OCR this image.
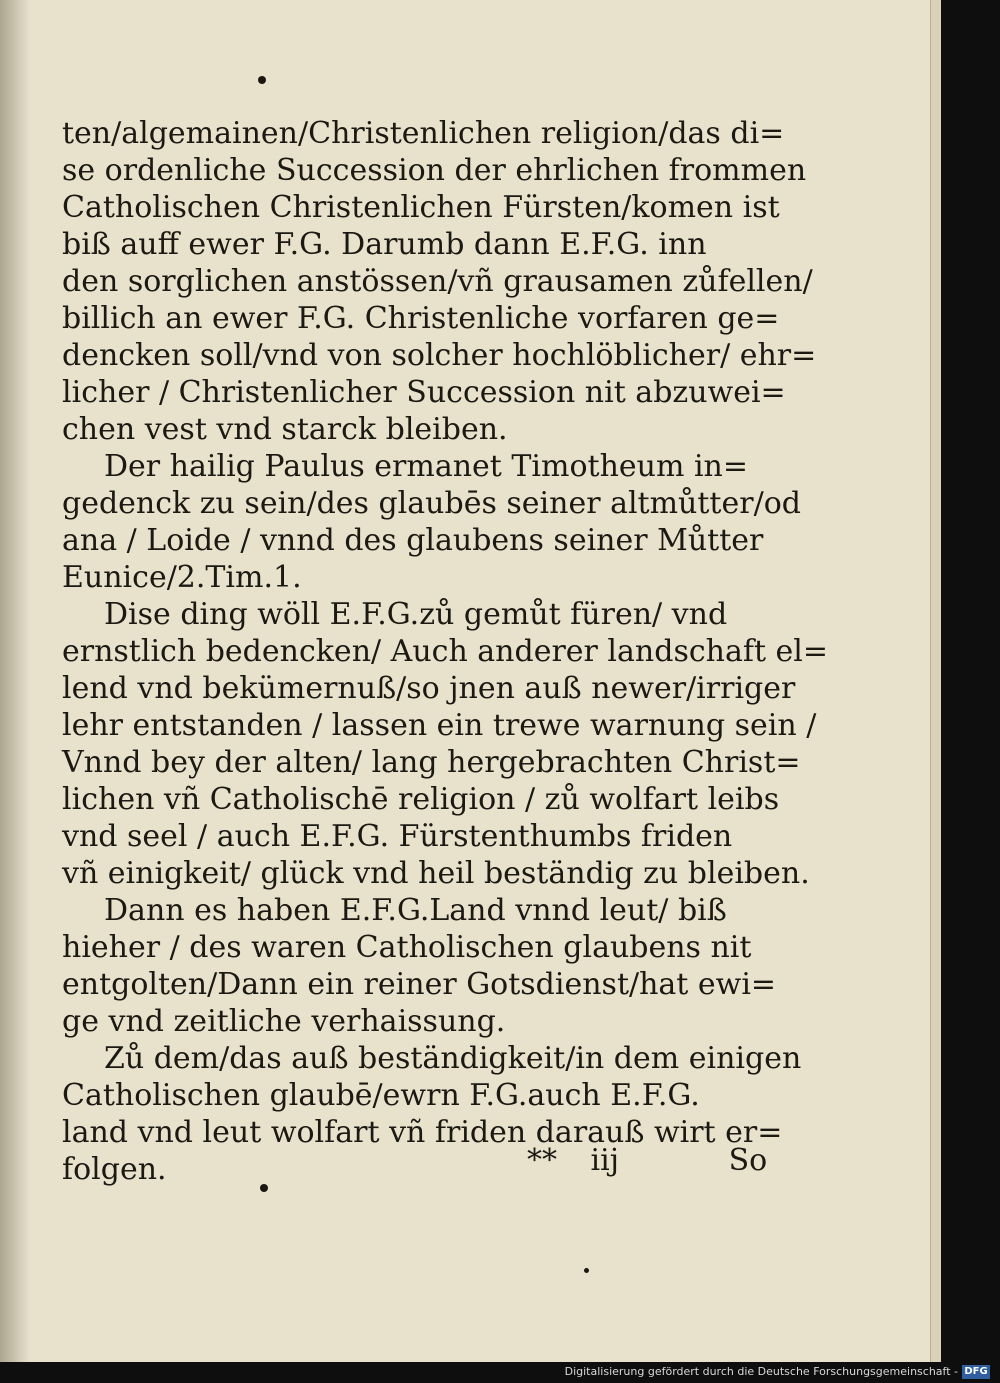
ten/algemainen/Christenlichen religion/das di=
se ordenliche Succession der ehrlichen frommen
Catholischen Christenlichen Fürsten/komen ist
biß auff ewer F.G. Darumb dann E.F.G. inn
den sorglichen anstössen/vñ grausamen zůfellen/
billich an ewer F.G. Christenliche vorfaren ge=
dencken soll/vnd von solcher hochlöblicher/ ehr=
licher / Christenlicher Succession nit abzuwei=
chen vest vnd starck bleiben.
Der hailig Paulus ermanet Timotheum in=
gedenck zu sein/des glaubēs seiner altmůtter/od
ana / Loide / vnnd des glaubens seiner Můtter
Eunice/2.Tim.1.
Dise ding wöll E.F.G.zů gemůt füren/ vnd
ernstlich bedencken/ Auch anderer landschaft el=
lend vnd bekümernuß/so jnen auß newer/irriger
lehr entstanden / lassen ein trewe warnung sein /
Vnnd bey der alten/ lang hergebrachten Christ=
lichen vñ Catholischē religion / zů wolfart leibs
vnd seel / auch E.F.G. Fürstenthumbs friden
vñ einigkeit/ glück vnd heil beständig zu bleiben.
Dann es haben E.F.G.Land vnnd leut/ biß
hieher / des waren Catholischen glaubens nit
entgolten/Dann ein reiner Gotsdienst/hat ewi=
ge vnd zeitliche verhaissung.
Zů dem/das auß beständigkeit/in dem einigen
Catholischen glaubē/ewrn F.G.auch E.F.G.
land vnd leut wolfart vñ friden darauß wirt er=
folgen.	** iij	So
Digitalisierung gefördert durch die Deutsche Forschungsgemeinschaft - DFG
